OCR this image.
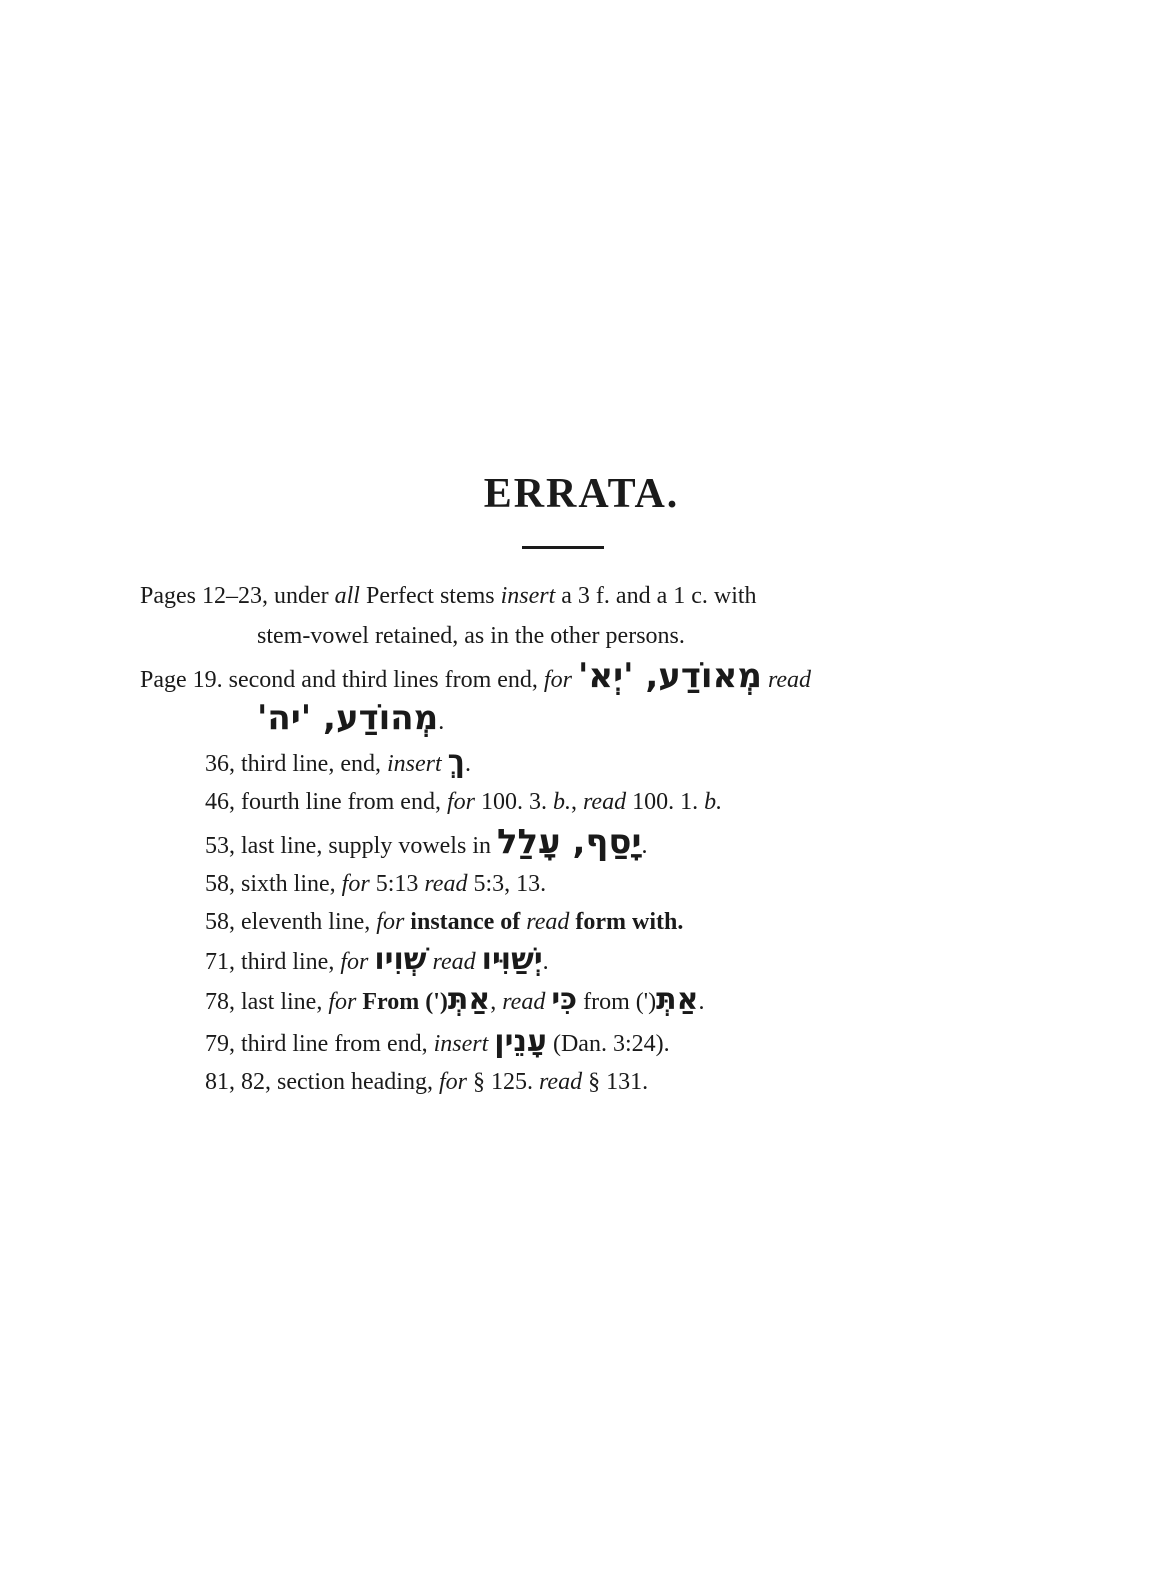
ERRATA.
Pages 12–23, under all Perfect stems insert a 3 f. and a 1 c. with
stem-vowel retained, as in the other persons.
Page 19. second and third lines from end, for מְאוֹדַע, 'יְא' read
מְהוֹדַע, 'יה'.
36, third line, end, insert ךְ.
46, fourth line from end, for 100. 3. b., read 100. 1. b.
53, last line, supply vowels in יָסַף, עָלַל.
58, sixth line, for 5:13 read 5:3, 13.
58, eleventh line, for instance of read form with.
71, third line, for שְׁוִיו read יְשַׁוִּיו.
78, last line, for From (')אַתְּ, read כִּי from (')אַתְּ.
79, third line from end, insert עָנֵין (Dan. 3:24).
81, 82, section heading, for § 125. read § 131.
